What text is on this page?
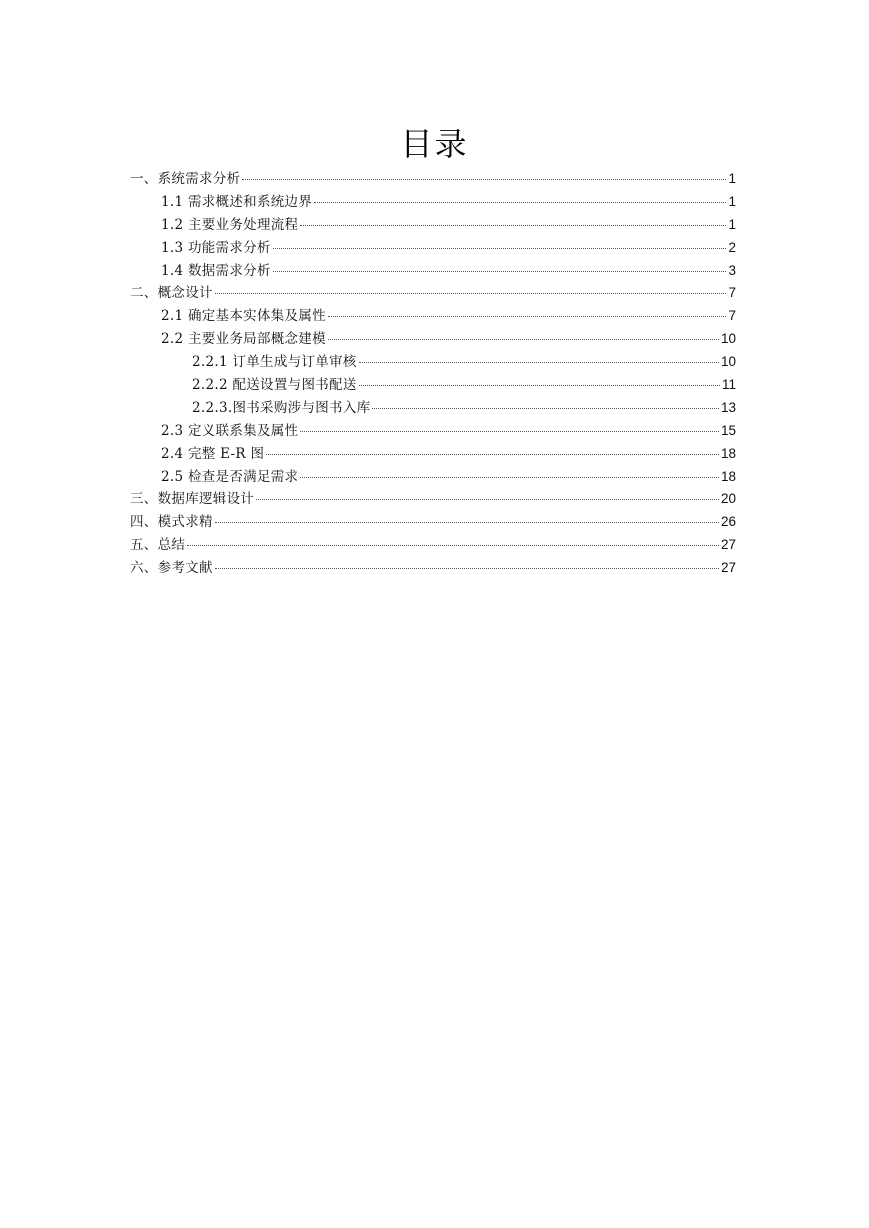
目录
一、系统需求分析	1
1.1 需求概述和系统边界	1
1.2 主要业务处理流程	1
1.3 功能需求分析	2
1.4 数据需求分析	3
二、概念设计	7
2.1 确定基本实体集及属性	7
2.2 主要业务局部概念建模	10
2.2.1 订单生成与订单审核	10
2.2.2 配送设置与图书配送	11
2.2.3.图书采购涉与图书入库	13
2.3 定义联系集及属性	15
2.4 完整 E-R 图	18
2.5 检查是否满足需求	18
三、数据库逻辑设计	20
四、模式求精	26
五、总结	27
六、参考文献	27
